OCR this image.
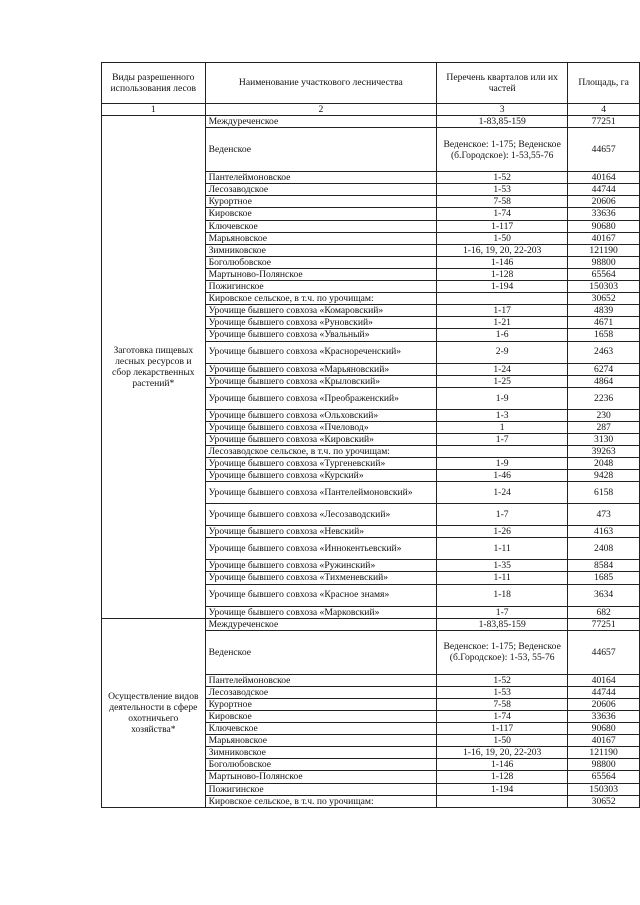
Виды разрешенного использования лесов	Наименование участкового лесничества	Перечень кварталов или их частей	Площадь, га
1	2	3	4
Заготовка пищевых лесных ресурсов и сбор лекарственных растений*	Междуреченское	1-83,85-159	77251
	Веденское	Веденское: 1-175; Веденское (б.Городское): 1-53,55-76	44657
	Пантелеймоновское	1-52	40164
	Лесозаводское	1-53	44744
	Курортное	7-58	20606
	Кировское	1-74	33636
	Ключевское	1-117	90680
	Марьяновское	1-50	40167
	Зимниковское	1-16, 19, 20, 22-203	121190
	Боголюбовское	1-146	98800
	Мартыново-Полянское	1-128	65564
	Пожигинское	1-194	150303
	Кировское сельское, в т.ч. по урочищам:		30652
	Урочище бывшего совхоза «Комаровский»	1-17	4839
	Урочище бывшего совхоза «Руновский»	1-21	4671
	Урочище бывшего совхоза «Увальный»	1-6	1658
	Урочище бывшего совхоза «Краснореченский»	2-9	2463
	Урочище бывшего совхоза «Марьяновский»	1-24	6274
	Урочище бывшего совхоза «Крыловский»	1-25	4864
	Урочище бывшего совхоза «Преображенский»	1-9	2236
	Урочище бывшего совхоза «Ольховский»	1-3	230
	Урочище бывшего совхоза «Пчеловод»	1	287
	Урочище бывшего совхоза «Кировский»	1-7	3130
	Лесозаводское сельское, в т.ч. по урочищам:		39263
	Урочище бывшего совхоза «Тургеневский»	1-9	2048
	Урочище бывшего совхоза «Курский»	1-46	9428
	Урочище бывшего совхоза «Пантелеймоновский»	1-24	6158
	Урочище бывшего совхоза «Лесозаводский»	1-7	473
	Урочище бывшего совхоза «Невский»	1-26	4163
	Урочище бывшего совхоза «Иннокентьевский»	1-11	2408
	Урочище бывшего совхоза «Ружинский»	1-35	8584
	Урочище бывшего совхоза «Тихменевский»	1-11	1685
	Урочище бывшего совхоза «Красное знамя»	1-18	3634
	Урочище бывшего совхоза «Марковский»	1-7	682
Осуществление видов деятельности в сфере охотничьего хозяйства*	Междуреченское	1-83,85-159	77251
	Веденское	Веденское: 1-175; Веденское (б.Городское): 1-53, 55-76	44657
	Пантелеймоновское	1-52	40164
	Лесозаводское	1-53	44744
	Курортное	7-58	20606
	Кировское	1-74	33636
	Ключевское	1-117	90680
	Марьяновское	1-50	40167
	Зимниковское	1-16, 19, 20, 22-203	121190
	Боголюбовское	1-146	98800
	Мартыново-Полянское	1-128	65564
	Пожигинское	1-194	150303
	Кировское сельское, в т.ч. по урочищам:		30652
